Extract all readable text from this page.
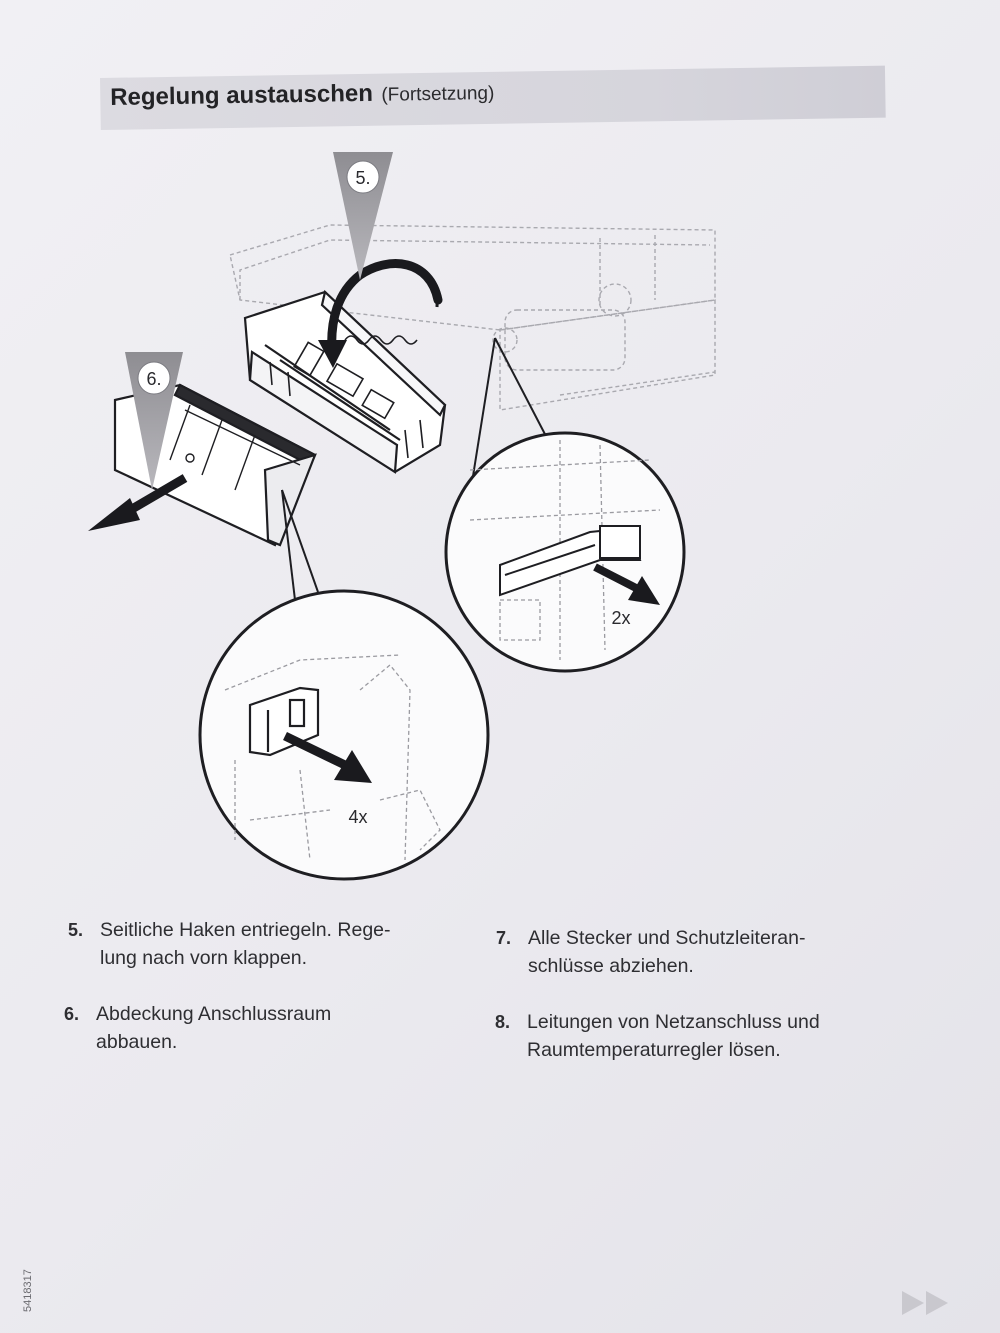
Regelung austauschen (Fortsetzung)
5.
6.
2x
4x
5. Seitliche Haken entriegeln. Rege-
lung nach vorn klappen.
6. Abdeckung Anschlussraum
abbauen.
7. Alle Stecker und Schutzleiteran-
schlüsse abziehen.
8. Leitungen von Netzanschluss und
Raumtemperaturregler lösen.
5418317
